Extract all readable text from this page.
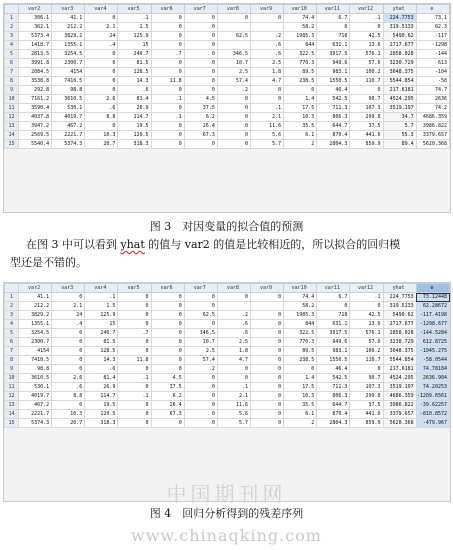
	var2	var3	var4	var5	var6	var7	var8	var9	var10	var11	var12	yhat	e
1	306.1	41.1	0	.1	0	0	0	0	74.4	6.7	.1	224.7753	73.1
2	362.1	212.2	2.1	1.5	0	0			58.2	0	0	319.5133	62.3
3	5373.4	3829.2	24	125.9	0	0	62.5	.2	1985.3	718	42.5	5490.62	-117
4	1418.7	1355.1	.4	15	0	0		.6	844	631.1	13.6	2717.677	-1298
5	2813.5	3254.5	0	240.7	.7	0	346.5	.6	322.5	3917.5	576.1	2858.028	-144
6	3991.8	2300.7	0	81.5	0	0	10.7	2.5	770.3	949.6	57.6	3230.729	613
7	2084.5	4154	0	128.5	0	0	2.5	1.8	89.5	983.1	100.2	3048.375	-104
8	3538.8	7410.5	0	14.3	11.8	0	57.4	4.7	238.5	1550.5	110.7	5544.854	-58
9	292.8	98.8	0	.6	0	0	.2	0	0	46.4	0	217.6181	74.7
10	7161.2	3610.5	2.6	81.4	.1	4.5	0	0	1.4	542.5	90.7	4524.295	2636
11	3590.4	530.1	.6	26.9	0	37.5	0	.1	17.5	711.3	107.3	3519.197	74.2
12	4037.8	4019.7	8.8	114.7	.1	6.2	0	2.1	10.3	806.3	299.8	34.7	4686.359
13	3947.2	467.2	0	19.5	0	26.4	0	11.6	35.5	644.7	37.5	5.7	3986.822
14	2569.5	2221.7	10.3	120.5	0	67.3	0	5.6	6.1	870.4	441.6	55.3	3379.657
15	5540.4	5374.3	20.7	318.3	0	0	0	5.7	2	2804.3	859.9	89.4	5620.368
图 3　对因变量的拟合值的预测
在图 3 中可以看到 yhat 的值与 var2 的值是比较相近的，所以拟合的回归模
型还是不错的。
	var2	var3	var4	var5	var6	var7	var8	var9	var10	var11	var12	yhat	e
1	41.1	0	.1	0	0	0	0	0	74.4	6.7	.1	224.7753	73.12448
2	212.2	2.1	1.5	0	0	0			58.2	0	0	319.5133	62.28672
3	3829.2	24	125.9	0	0	62.5	.2	0	1985.3	718	42.5	5490.62	-117.4198
4	1355.1	.4	15	0	0	0	.6	0	844	631.1	13.6	2717.677	-1298.677
5	3254.5	0	240.7	.7	0	346.5	.6	0	322.5	3917.5	576.1	2858.028	-144.5284
6	2300.7	0	81.5	0	0	10.7	2.5	0	770.3	949.6	57.6	3230.729	612.8725
7	4154	0	128.5	0	0	2.5	1.8	0	89.5	983.1	100.2	3048.375	-1045.275
8	7410.5	0	14.3	11.8	0	57.4	4.7	0	238.5	1550.5	110.7	5544.854	-58.0544
9	98.8	0	.6	0	0	.2	0	0	0	46.4	0	217.6181	74.78184
10	3610.5	2.6	81.4	.1	4.5	0	0	0	1.4	542.5	90.7	4524.295	2636.904
11	530.1	.6	26.9	0	37.5	0	.1	0	17.5	711.3	107.3	3519.197	74.20253
12	4019.7	8.8	114.7	.1	6.2	0	2.1	0	10.3	806.3	299.8	4686.359	-1209.6561
13	467.2	0	19.5	0	26.4	0	11.6	0	35.5	644.7	37.5	3986.822	-39.62257
14	2221.7	10.3	120.5	0	67.3	0	5.6	0	6.1	870.4	441.6	3379.657	-810.8572
15	5374.3	20.7	318.3	0	0	0	5.7	0	2	2804.3	859.9	5620.368	-479.967
中国期刊网
图 4　回归分析得到的残差序列
www.chinaqking.com
